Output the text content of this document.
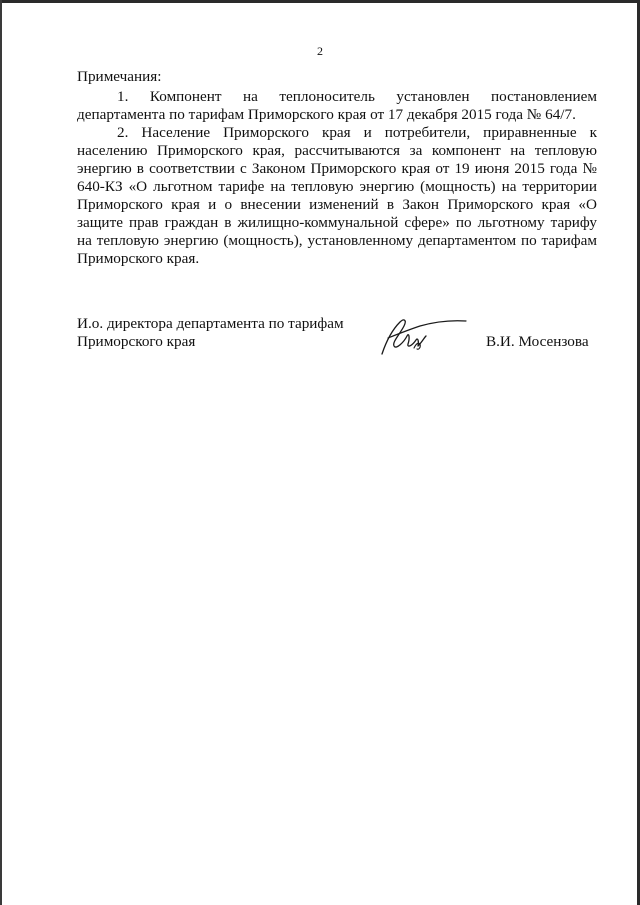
2

Примечания:

1. Компонент на теплоноситель установлен постановлением департамента по тарифам Приморского края от 17 декабря 2015 года № 64/7.

2. Население Приморского края и потребители, приравненные к населению Приморского края, рассчитываются за компонент на тепловую энергию в соответствии с Законом Приморского края от 19 июня 2015 года № 640-КЗ «О льготном тарифе на тепловую энергию (мощность) на территории Приморского края и о внесении изменений в Закон Приморского края «О защите прав граждан в жилищно-коммунальной сфере» по льготному тарифу на тепловую энергию (мощность), установленному департаментом по тарифам Приморского края.

И.о. директора департамента по тарифам
Приморского края	В.И. Мосензова
